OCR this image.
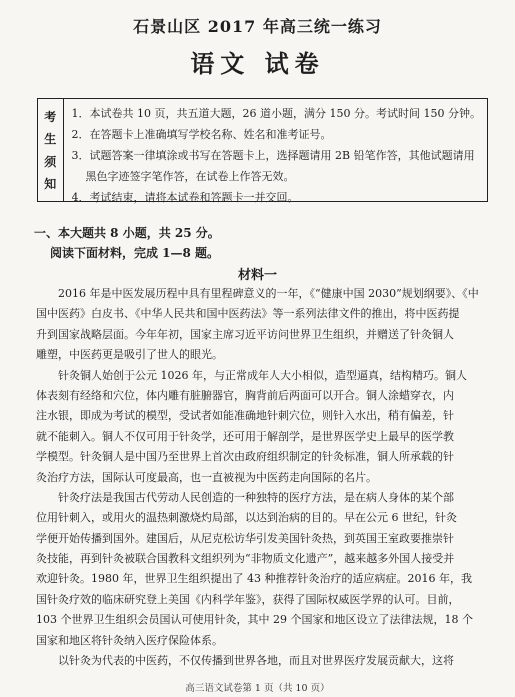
石景山区 2017 年高三统一练习
语文 试卷
考
生
须
知
1．本试卷共 10 页，共五道大题，26 道小题，满分 150 分。考试时间 150 分钟。
2．在答题卡上准确填写学校名称、姓名和准考证号。
3．试题答案一律填涂或书写在答题卡上，选择题请用 2B 铅笔作答，其他试题请用
黑色字迹签字笔作答，在试卷上作答无效。
4．考试结束，请将本试卷和答题卡一并交回。
一、本大题共 8 小题，共 25 分。
阅读下面材料，完成 1—8 题。
材料一
2016 年是中医发展历程中具有里程碑意义的一年，《“健康中国 2030”规划纲要》、《中
国中医药》白皮书、《中华人民共和国中医药法》等一系列法律文件的推出，将中医药提
升到国家战略层面。今年年初，国家主席习近平访问世界卫生组织，并赠送了针灸铜人
雕塑，中医药更是吸引了世人的眼光。
针灸铜人始创于公元 1026 年，与正常成年人大小相似，造型逼真，结构精巧。铜人
体表刻有经络和穴位，体内雕有脏腑器官，胸背前后两面可以开合。铜人涂蜡穿衣，内
注水银，即成为考试的模型，受试者如能准确地针刺穴位，则针入水出，稍有偏差，针
就不能刺入。铜人不仅可用于针灸学，还可用于解剖学，是世界医学史上最早的医学教
学模型。针灸铜人是中国乃至世界上首次由政府组织制定的针灸标准，铜人所承载的针
灸治疗方法，国际认可度最高，也一直被视为中医药走向国际的名片。
针灸疗法是我国古代劳动人民创造的一种独特的医疗方法，是在病人身体的某个部
位用针刺入，或用火的温热刺激烧灼局部，以达到治病的目的。早在公元 6 世纪，针灸
学便开始传播到国外。建国后，从尼克松访华引发美国针灸热，到英国王室政要推崇针
灸技能，再到针灸被联合国教科文组织列为“非物质文化遗产”，越来越多外国人接受并
欢迎针灸。1980 年，世界卫生组织提出了 43 种推荐针灸治疗的适应病症。2016 年，我
国针灸疗效的临床研究登上美国《内科学年鉴》，获得了国际权威医学界的认可。目前，
103 个世界卫生组织会员国认可使用针灸，其中 29 个国家和地区设立了法律法规，18 个
国家和地区将针灸纳入医疗保险体系。
以针灸为代表的中医药，不仅传播到世界各地，而且对世界医疗发展贡献大，这将
高三语文试卷第 1 页（共 10 页）
